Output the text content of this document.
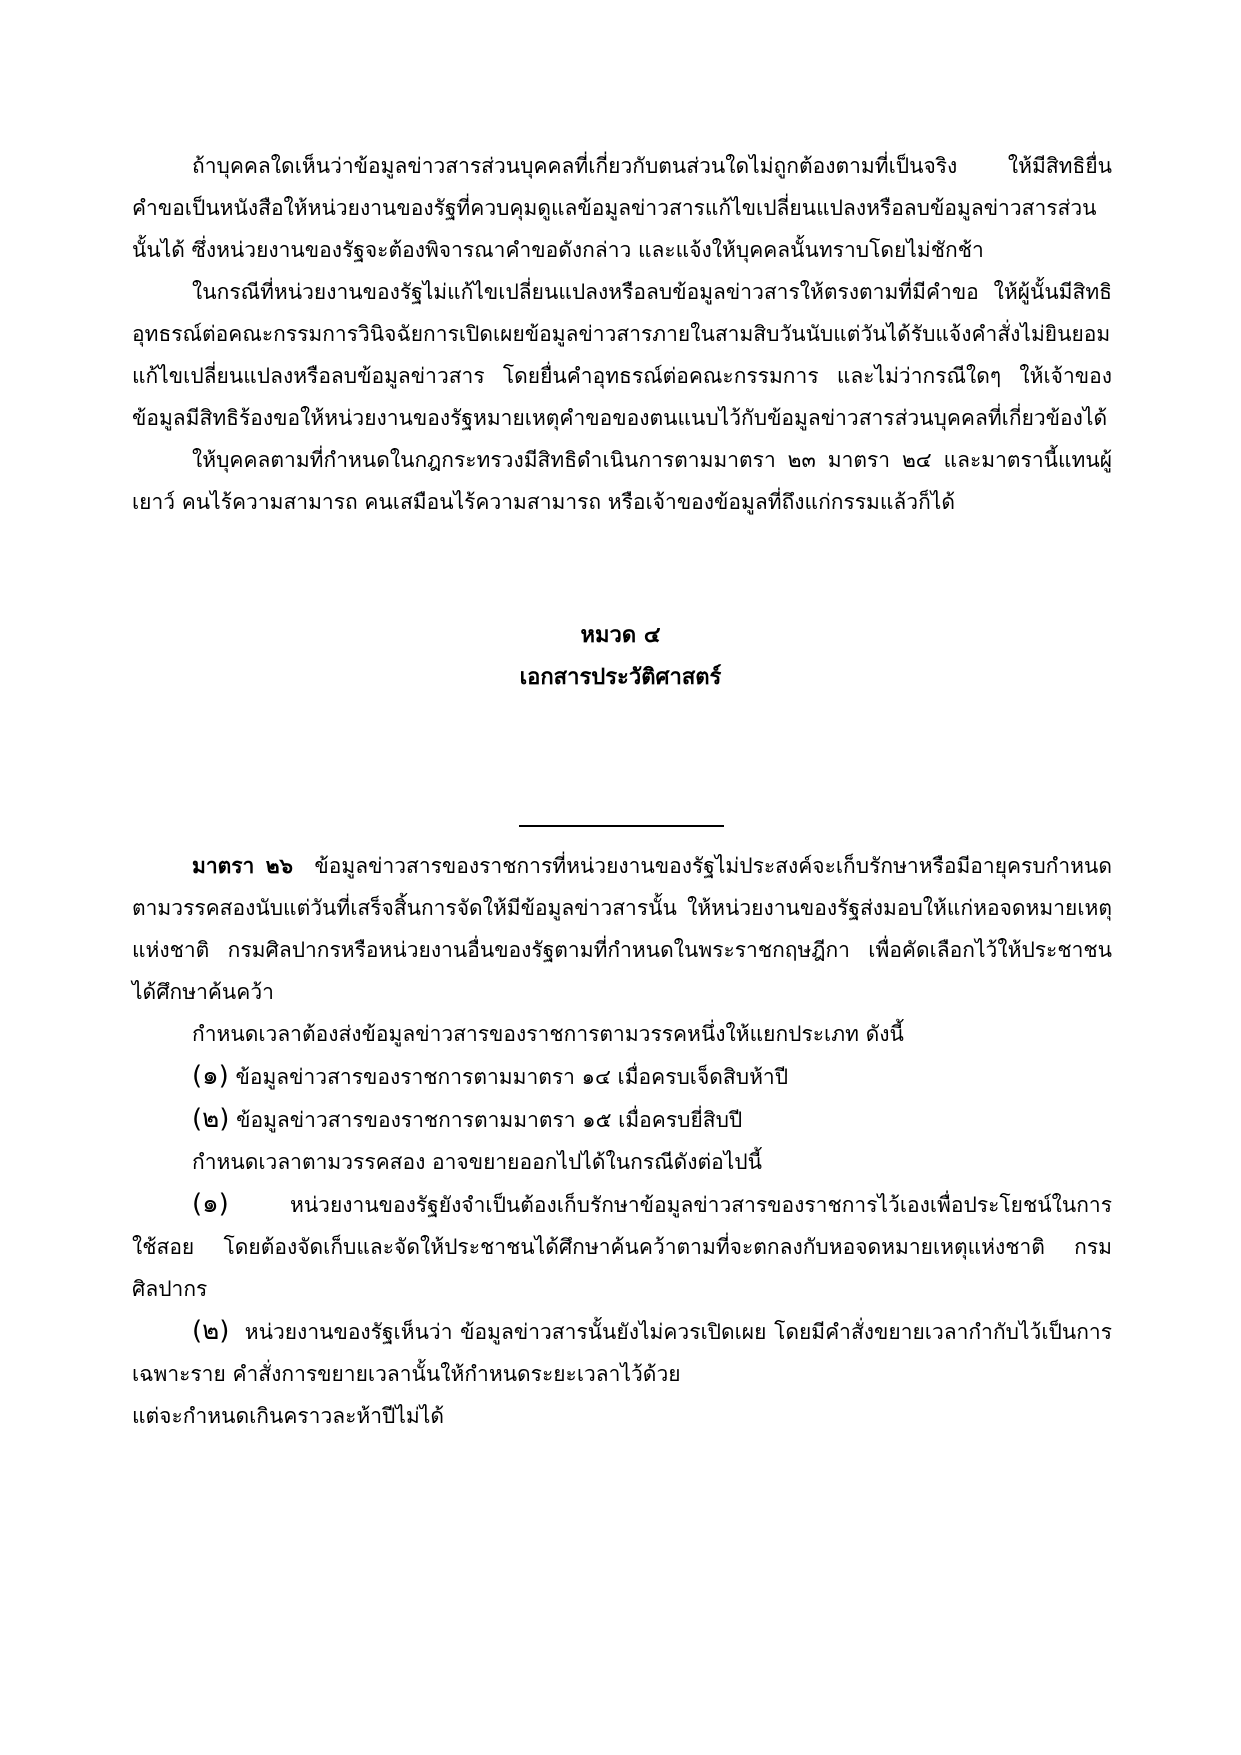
ถ้าบุคคลใดเห็นว่าข้อมูลข่าวสารส่วนบุคคลที่เกี่ยวกับตนส่วนใดไม่ถูกต้องตามที่เป็นจริง ให้มีสิทธิยื่นคำขอเป็นหนังสือให้หน่วยงานของรัฐที่ควบคุมดูแลข้อมูลข่าวสารแก้ไขเปลี่ยนแปลงหรือลบข้อมูลข่าวสารส่วนนั้นได้ ซึ่งหน่วยงานของรัฐจะต้องพิจารณาคำขอดังกล่าว และแจ้งให้บุคคลนั้นทราบโดยไม่ชักช้า

ในกรณีที่หน่วยงานของรัฐไม่แก้ไขเปลี่ยนแปลงหรือลบข้อมูลข่าวสารให้ตรงตามที่มีคำขอ ให้ผู้นั้นมีสิทธิอุทธรณ์ต่อคณะกรรมการวินิจฉัยการเปิดเผยข้อมูลข่าวสารภายในสามสิบวันนับแต่วันได้รับแจ้งคำสั่งไม่ยินยอมแก้ไขเปลี่ยนแปลงหรือลบข้อมูลข่าวสาร โดยยื่นคำอุทธรณ์ต่อคณะกรรมการ และไม่ว่ากรณีใดๆ ให้เจ้าของข้อมูลมีสิทธิร้องขอให้หน่วยงานของรัฐหมายเหตุคำขอของตนแนบไว้กับข้อมูลข่าวสารส่วนบุคคลที่เกี่ยวข้องได้

ให้บุคคลตามที่กำหนดในกฎกระทรวงมีสิทธิดำเนินการตามมาตรา ๒๓ มาตรา ๒๔ และมาตรานี้แทนผู้เยาว์ คนไร้ความสามารถ คนเสมือนไร้ความสามารถ หรือเจ้าของข้อมูลที่ถึงแก่กรรมแล้วก็ได้

หมวด ๔

เอกสารประวัติศาสตร์

มาตรา ๒๖ ข้อมูลข่าวสารของราชการที่หน่วยงานของรัฐไม่ประสงค์จะเก็บรักษาหรือมีอายุครบกำหนดตามวรรคสองนับแต่วันที่เสร็จสิ้นการจัดให้มีข้อมูลข่าวสารนั้น ให้หน่วยงานของรัฐส่งมอบให้แก่หอจดหมายเหตุแห่งชาติ กรมศิลปากรหรือหน่วยงานอื่นของรัฐตามที่กำหนดในพระราชกฤษฎีกา เพื่อคัดเลือกไว้ให้ประชาชนได้ศึกษาค้นคว้า

กำหนดเวลาต้องส่งข้อมูลข่าวสารของราชการตามวรรคหนึ่งให้แยกประเภท ดังนี้

(๑) ข้อมูลข่าวสารของราชการตามมาตรา ๑๔ เมื่อครบเจ็ดสิบห้าปี

(๒) ข้อมูลข่าวสารของราชการตามมาตรา ๑๕ เมื่อครบยี่สิบปี

กำหนดเวลาตามวรรคสอง อาจขยายออกไปได้ในกรณีดังต่อไปนี้

(๑)	หน่วยงานของรัฐยังจำเป็นต้องเก็บรักษาข้อมูลข่าวสารของราชการไว้เองเพื่อประโยชน์ในการใช้สอย โดยต้องจัดเก็บและจัดให้ประชาชนได้ศึกษาค้นคว้าตามที่จะตกลงกับหอจดหมายเหตุแห่งชาติ กรมศิลปากร

(๒) หน่วยงานของรัฐเห็นว่า ข้อมูลข่าวสารนั้นยังไม่ควรเปิดเผย โดยมีคำสั่งขยายเวลากำกับไว้เป็นการเฉพาะราย คำสั่งการขยายเวลานั้นให้กำหนดระยะเวลาไว้ด้วย

แต่จะกำหนดเกินคราวละห้าปีไม่ได้
